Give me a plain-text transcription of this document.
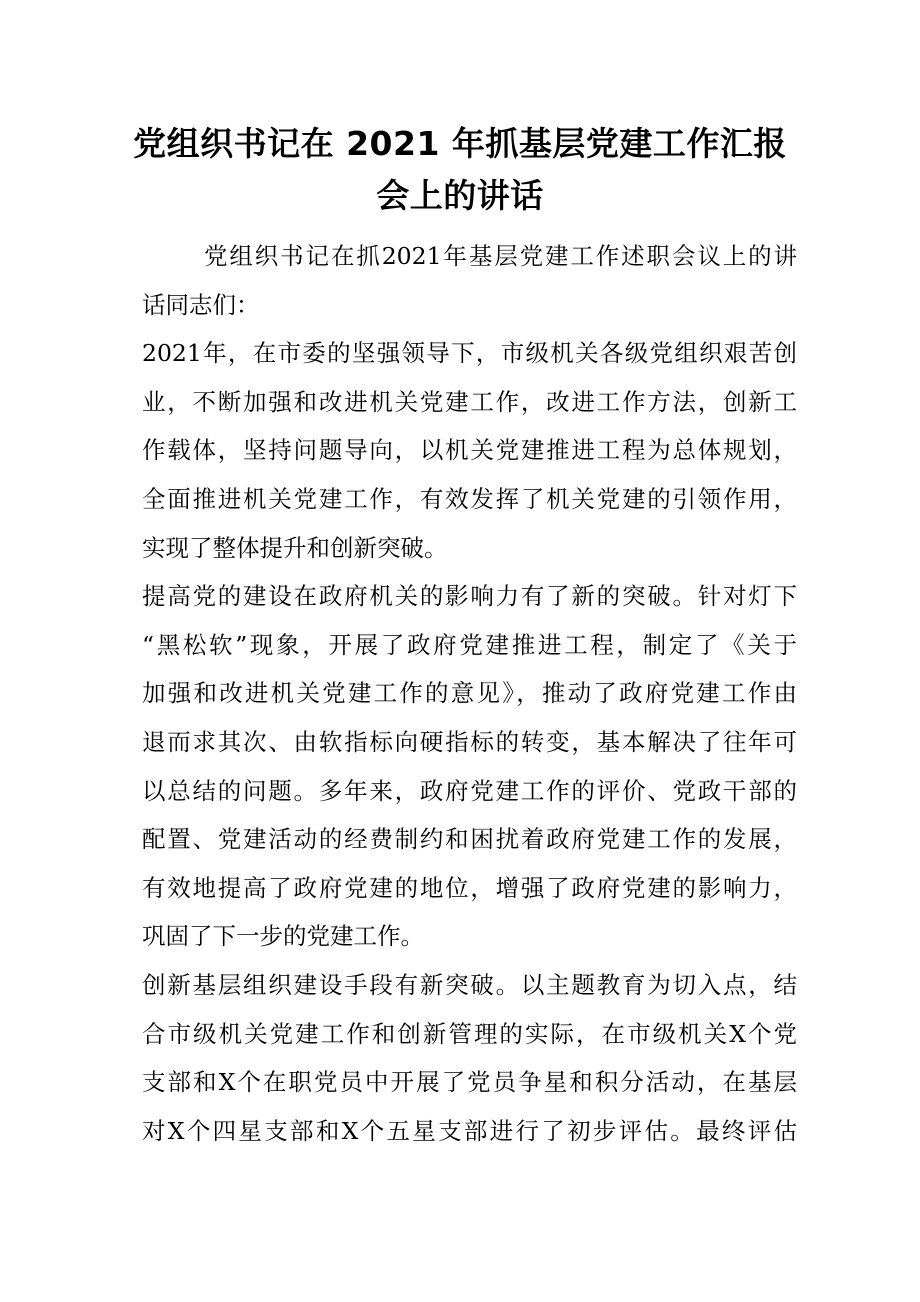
党组织书记在 2021 年抓基层党建工作汇报
会上的讲话
党组织书记在抓2021年基层党建工作述职会议上的讲
话同志们：
2021年，在市委的坚强领导下，市级机关各级党组织艰苦创
业，不断加强和改进机关党建工作，改进工作方法，创新工
作载体，坚持问题导向，以机关党建推进工程为总体规划，
全面推进机关党建工作，有效发挥了机关党建的引领作用，
实现了整体提升和创新突破。
提高党的建设在政府机关的影响力有了新的突破。针对灯下
“黑松软”现象，开展了政府党建推进工程，制定了《关于
加强和改进机关党建工作的意见》，推动了政府党建工作由
退而求其次、由软指标向硬指标的转变，基本解决了往年可
以总结的问题。多年来，政府党建工作的评价、党政干部的
配置、党建活动的经费制约和困扰着政府党建工作的发展，
有效地提高了政府党建的地位，增强了政府党建的影响力，
巩固了下一步的党建工作。
创新基层组织建设手段有新突破。以主题教育为切入点，结
合市级机关党建工作和创新管理的实际，在市级机关X个党
支部和X个在职党员中开展了党员争星和积分活动，在基层
对X个四星支部和X个五星支部进行了初步评估。最终评估
